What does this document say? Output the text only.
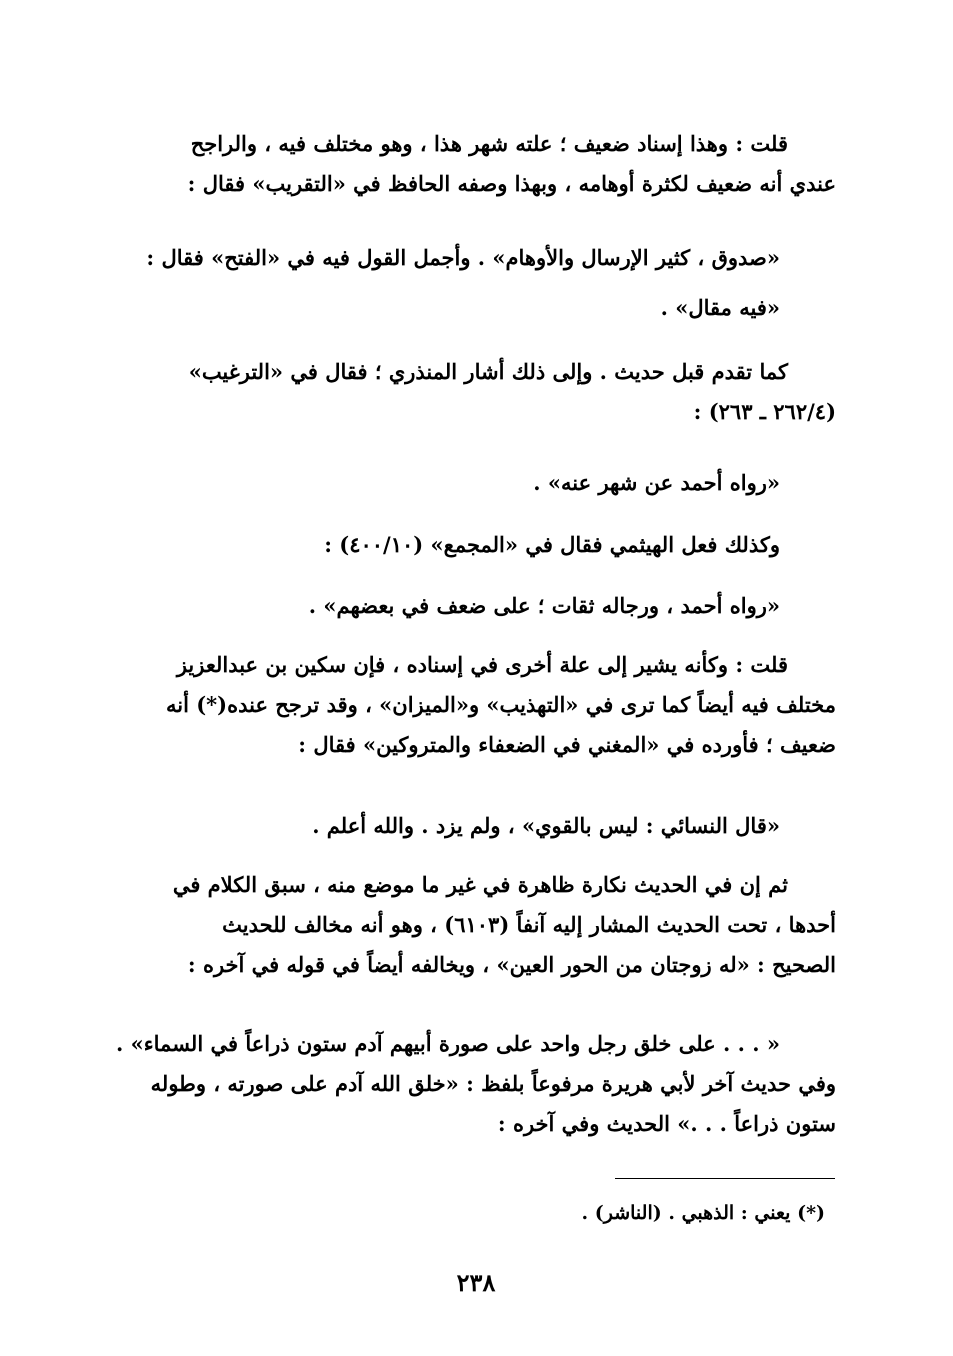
قلت : وهذا إسناد ضعيف ؛ علته شهر هذا ، وهو مختلف فيه ، والراجح
عندي أنه ضعيف لكثرة أوهامه ، وبهذا وصفه الحافظ في «التقريب» فقال :
«صدوق ، كثير الإرسال والأوهام» . وأجمل القول فيه في «الفتح» فقال :
«فيه مقال» .
كما تقدم قبل حديث . وإلى ذلك أشار المنذري ؛ فقال في «الترغيب»
(٢٦٢/٤ ـ ٢٦٣) :
«رواه أحمد عن شهر عنه» .
وكذلك فعل الهيثمي فقال في «المجمع» (٤٠٠/١٠) :
«رواه أحمد ، ورجاله ثقات ؛ على ضعف في بعضهم» .
قلت : وكأنه يشير إلى علة أخرى في إسناده ، فإن سكين بن عبدالعزيز
مختلف فيه أيضاً كما ترى في «التهذيب» و«الميزان» ، وقد ترجح عنده(*) أنه
ضعيف ؛ فأورده في «المغني في الضعفاء والمتروكين» فقال :
«قال النسائي : ليس بالقوي» ، ولم يزد . والله أعلم .
ثم إن في الحديث نكارة ظاهرة في غير ما موضع منه ، سبق الكلام في
أحدها ، تحت الحديث المشار إليه آنفاً (٦١٠٣) ، وهو أنه مخالف للحديث
الصحيح : «له زوجتان من الحور العين» ، ويخالفه أيضاً في قوله في آخره :
« . . . على خلق رجل واحد على صورة أبيهم آدم ستون ذراعاً في السماء» .
وفي حديث آخر لأبي هريرة مرفوعاً بلفظ : «خلق الله آدم على صورته ، وطوله
ستون ذراعاً . . .» الحديث وفي آخره :
(*) يعني : الذهبي . (الناشر) .
٢٣٨
